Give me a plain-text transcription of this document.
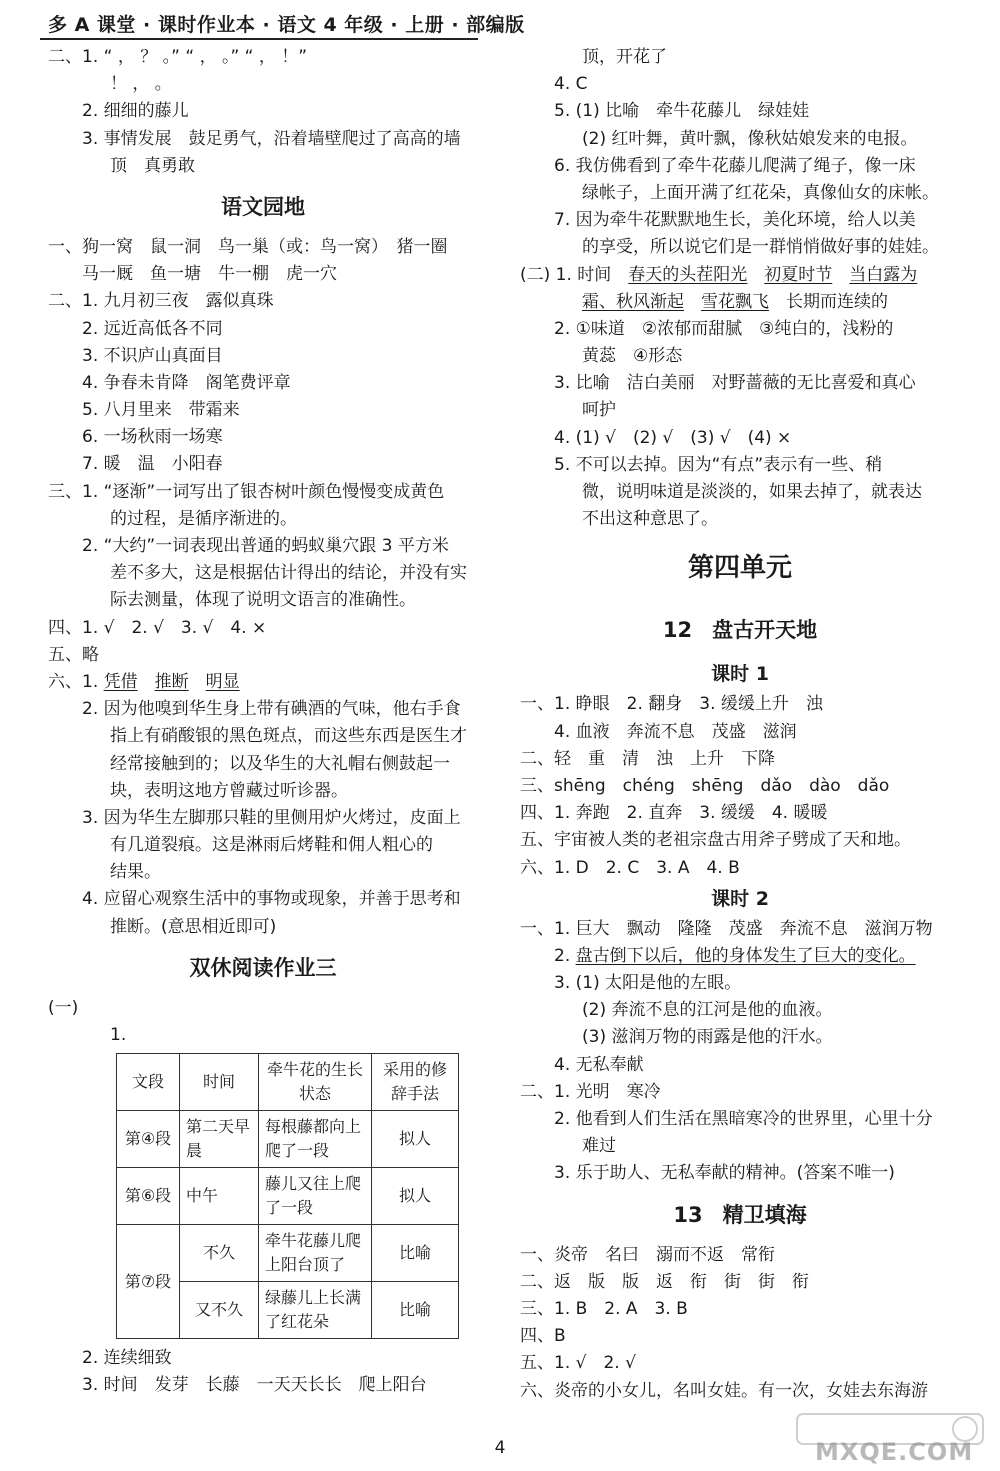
多 A 课堂 · 课时作业本 · 语文 4 年级 · 上册 · 部编版
二、1. “ ， ？ 。” “ ， 。” “ ， ！”
！ ， 。
2. 细细的藤儿
3. 事情发展　鼓足勇气，沿着墙壁爬过了高高的墙
顶　真勇敢
语文园地
一、狗一窝　鼠一洞　鸟一巢（或：鸟一窝）　猪一圈
马一厩　鱼一塘　牛一棚　虎一穴
二、1. 九月初三夜　露似真珠
2. 远近高低各不同
3. 不识庐山真面目
4. 争春未肯降　阁笔费评章
5. 八月里来　带霜来
6. 一场秋雨一场寒
7. 暖　温　小阳春
三、1. “逐渐”一词写出了银杏树叶颜色慢慢变成黄色
的过程，是循序渐进的。
2. “大约”一词表现出普通的蚂蚁巢穴跟 3 平方米
差不多大，这是根据估计得出的结论，并没有实
际去测量，体现了说明文语言的准确性。
四、1. √　2. √　3. √　4. ×
五、略
六、1. 凭借　 推断　 明显
2. 因为他嗅到华生身上带有碘酒的气味，他右手食
指上有硝酸银的黑色斑点，而这些东西是医生才
经常接触到的；以及华生的大礼帽右侧鼓起一
块，表明这地方曾藏过听诊器。
3. 因为华生左脚那只鞋的里侧用炉火烤过，皮面上
有几道裂痕。这是淋雨后烤鞋和佣人粗心的
结果。
4. 应留心观察生活中的事物或现象，并善于思考和
推断。(意思相近即可)
双休阅读作业三
(一)
1.
文段	时间	牵牛花的生长状态	采用的修辞手法
第④段	第二天早晨	每根藤都向上爬了一段	拟人
第⑥段	中午	藤儿又往上爬了一段	拟人
第⑦段	不久	牵牛花藤儿爬上阳台顶了	比喻
	又不久	绿藤儿上长满了红花朵	比喻
2. 连续细致
3. 时间　发芽　长藤　一天天长长　爬上阳台
顶，开花了
4. C
5. (1) 比喻　牵牛花藤儿　绿娃娃
(2) 红叶舞，黄叶飘，像秋姑娘发来的电报。
6. 我仿佛看到了牵牛花藤儿爬满了绳子，像一床
绿帐子，上面开满了红花朵，真像仙女的床帐。
7. 因为牵牛花默默地生长，美化环境，给人以美
的享受，所以说它们是一群悄悄做好事的娃娃。
(二) 1. 时间　春天的头茬阳光　 初夏时节　 当白露为
霜、秋风渐起　 雪花飘飞　长期而连续的
2. ①味道　②浓郁而甜腻　③纯白的，浅粉的
黄蕊　④形态
3. 比喻　洁白美丽　对野蔷薇的无比喜爱和真心
呵护
4. (1) √　(2) √　(3) √　(4) ×
5. 不可以去掉。因为“有点”表示有一些、稍
微，说明味道是淡淡的，如果去掉了，就表达
不出这种意思了。
第四单元
12 盘古开天地
课时 1
一、1. 睁眼　2. 翻身　3. 缓缓上升　浊
4. 血液　奔流不息　茂盛　滋润
二、轻　重　清　浊　上升　下降
三、shēng　chéng　shēng　dǎo　dào　dǎo
四、1. 奔跑　2. 直奔　3. 缓缓　4. 暖暖
五、宇宙被人类的老祖宗盘古用斧子劈成了天和地。
六、1. D　2. C　3. A　4. B
课时 2
一、1. 巨大　飘动　隆隆　茂盛　奔流不息　滋润万物
2. 盘古倒下以后，他的身体发生了巨大的变化。
3. (1) 太阳是他的左眼。
(2) 奔流不息的江河是他的血液。
(3) 滋润万物的雨露是他的汗水。
4. 无私奉献
二、1. 光明　寒冷
2. 他看到人们生活在黑暗寒冷的世界里，心里十分
难过
3. 乐于助人、无私奉献的精神。(答案不唯一)
13 精卫填海
一、炎帝　名曰　溺而不返　常衔
二、返　版　版　返　衔　街　街　衔
三、1. B　2. A　3. B
四、B
五、1. √　2. √
六、炎帝的小女儿，名叫女娃。有一次，女娃去东海游
4	MXQE.COM
